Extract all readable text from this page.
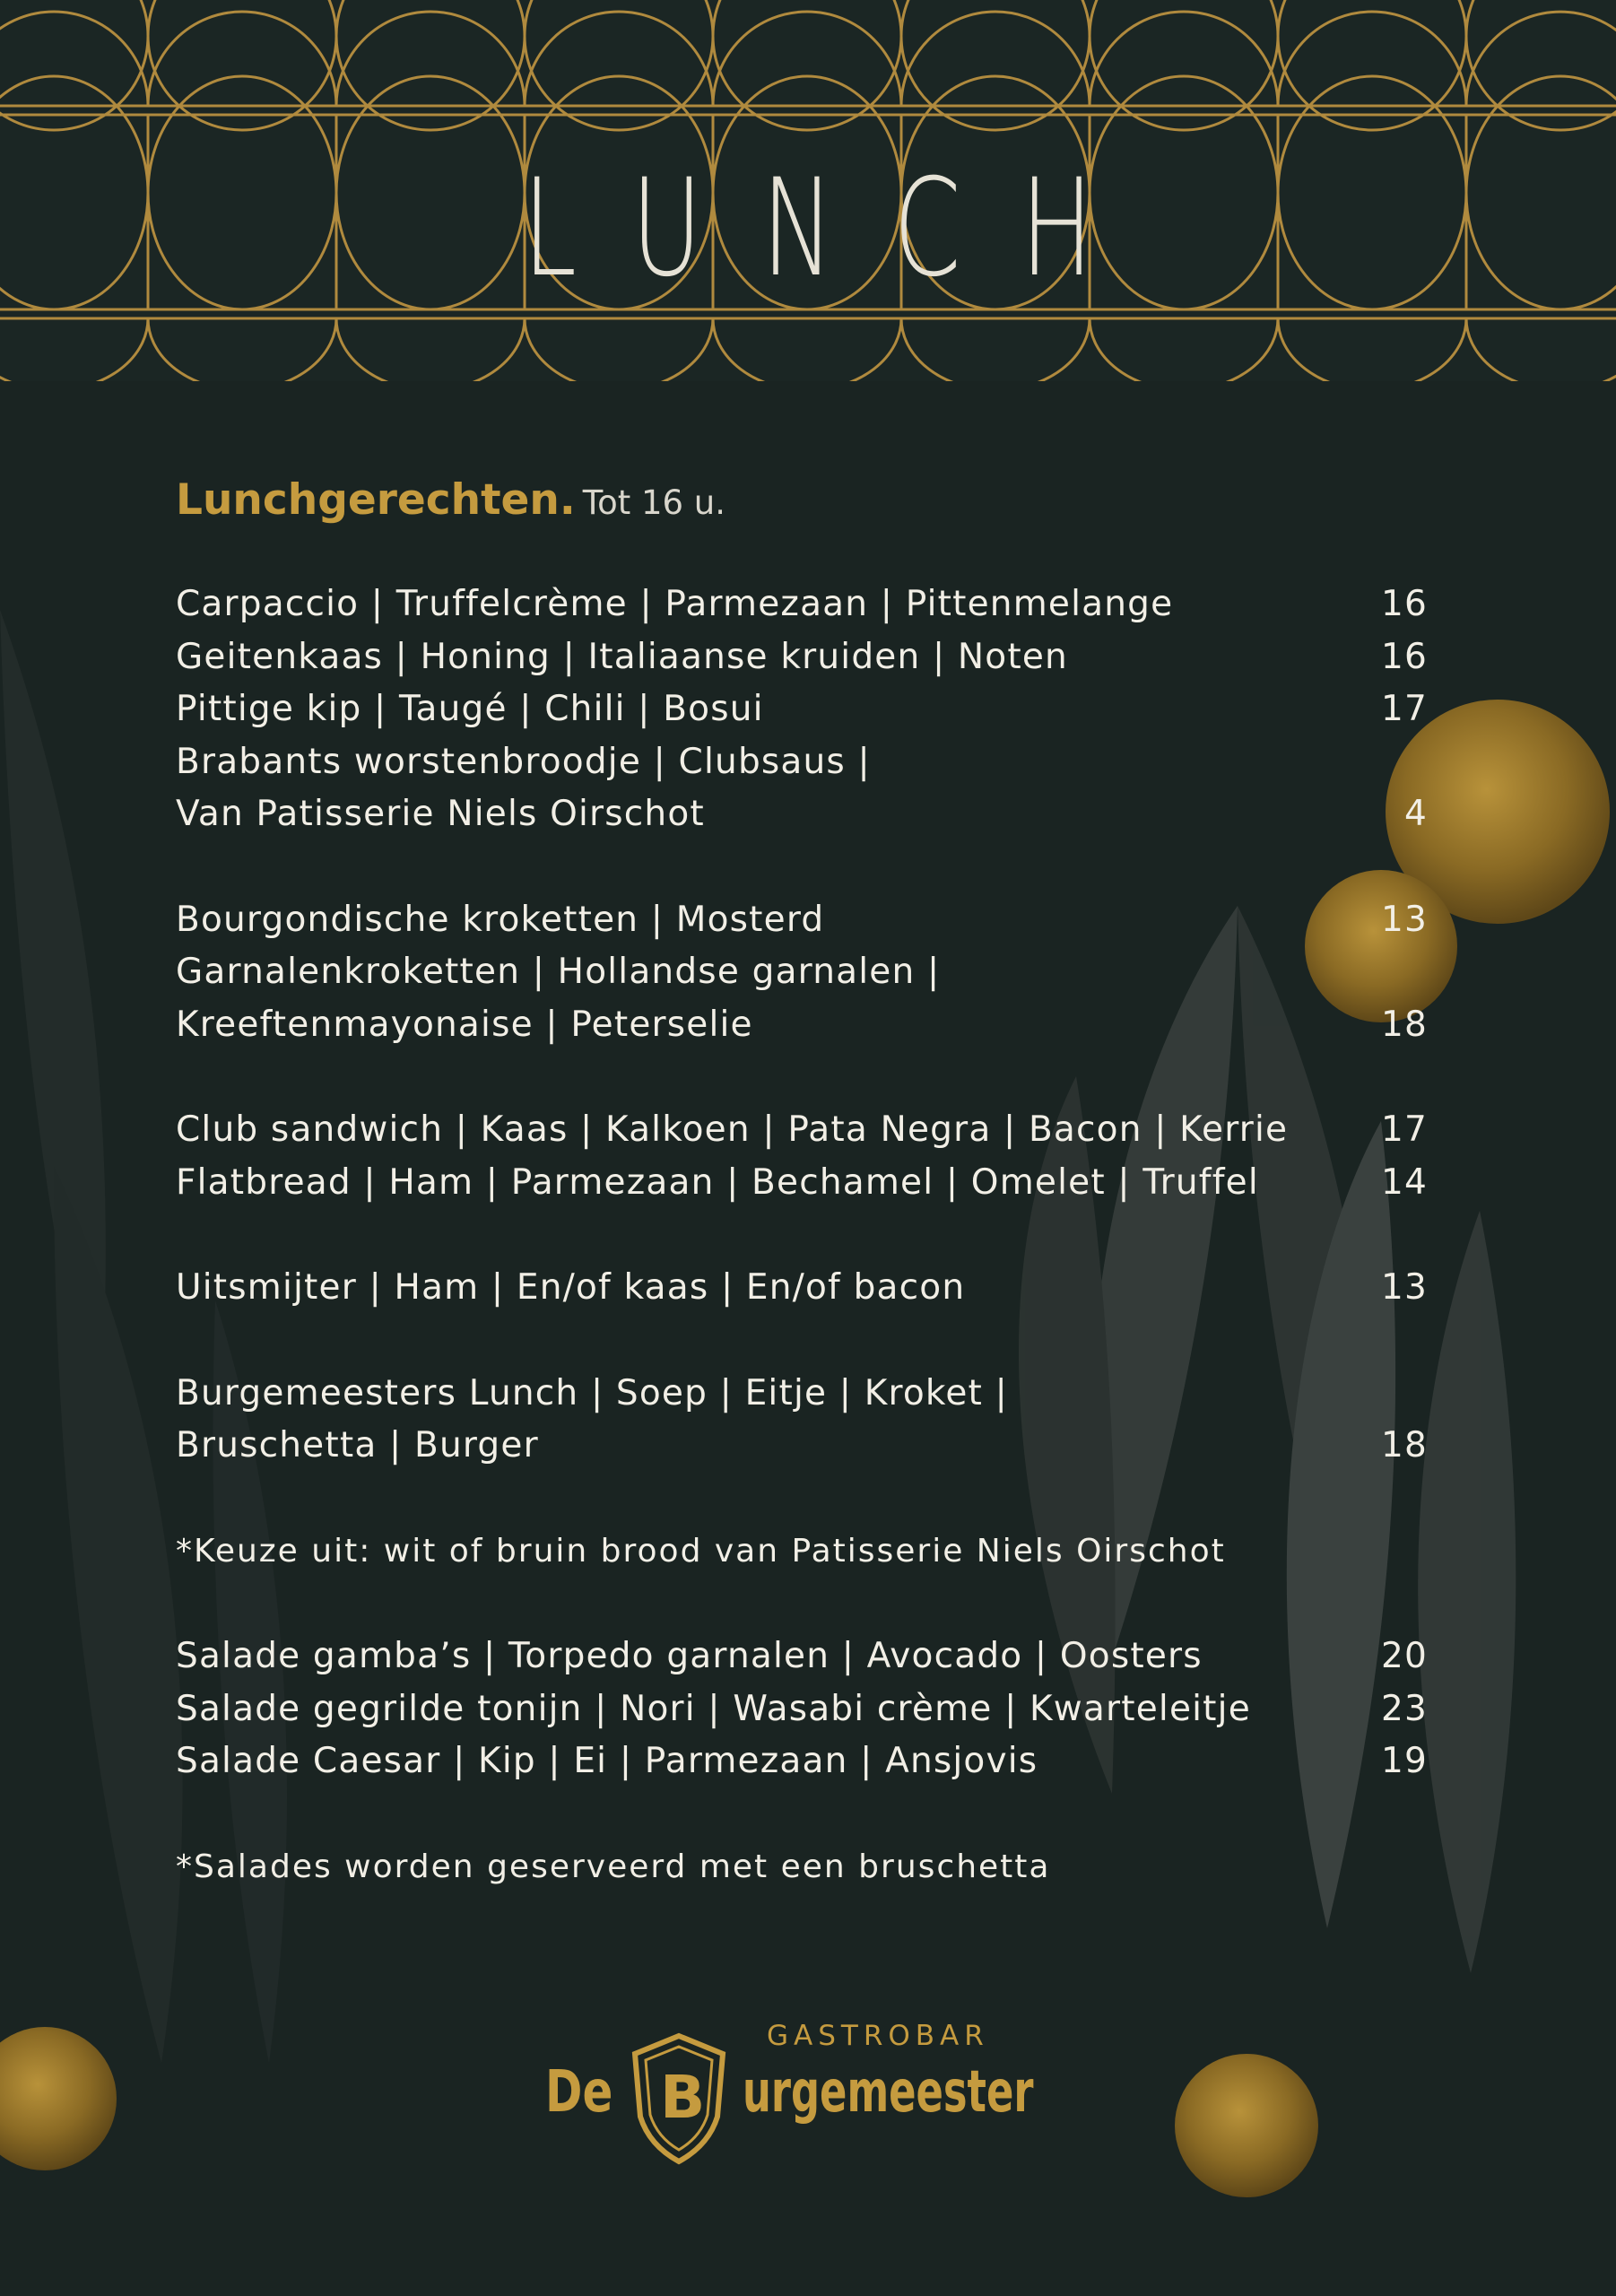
LUNCH
Lunchgerechten. Tot 16 u.
Carpaccio | Truffelcrème | Parmezaan | Pittenmelange	16
Geitenkaas | Honing | Italiaanse kruiden | Noten	16
Pittige kip | Taugé | Chili | Bosui	17
Brabants worstenbroodje | Clubsaus |
Van Patisserie Niels Oirschot	4
Bourgondische kroketten | Mosterd	13
Garnalenkroketten | Hollandse garnalen |
Kreeftenmayonaise | Peterselie	18
Club sandwich | Kaas | Kalkoen | Pata Negra | Bacon | Kerrie	17
Flatbread | Ham | Parmezaan | Bechamel | Omelet | Truffel	14
Uitsmijter | Ham | En/of kaas | En/of bacon	13
Burgemeesters Lunch | Soep | Eitje | Kroket |
Bruschetta | Burger	18
*Keuze uit: wit of bruin brood van Patisserie Niels Oirschot
Salade gamba’s | Torpedo garnalen | Avocado | Oosters	20
Salade gegrilde tonijn | Nori | Wasabi crème | Kwarteleitje	23
Salade Caesar | Kip | Ei | Parmezaan | Ansjovis	19
*Salades worden geserveerd met een bruschetta
GASTROBAR
De B urgemeester
